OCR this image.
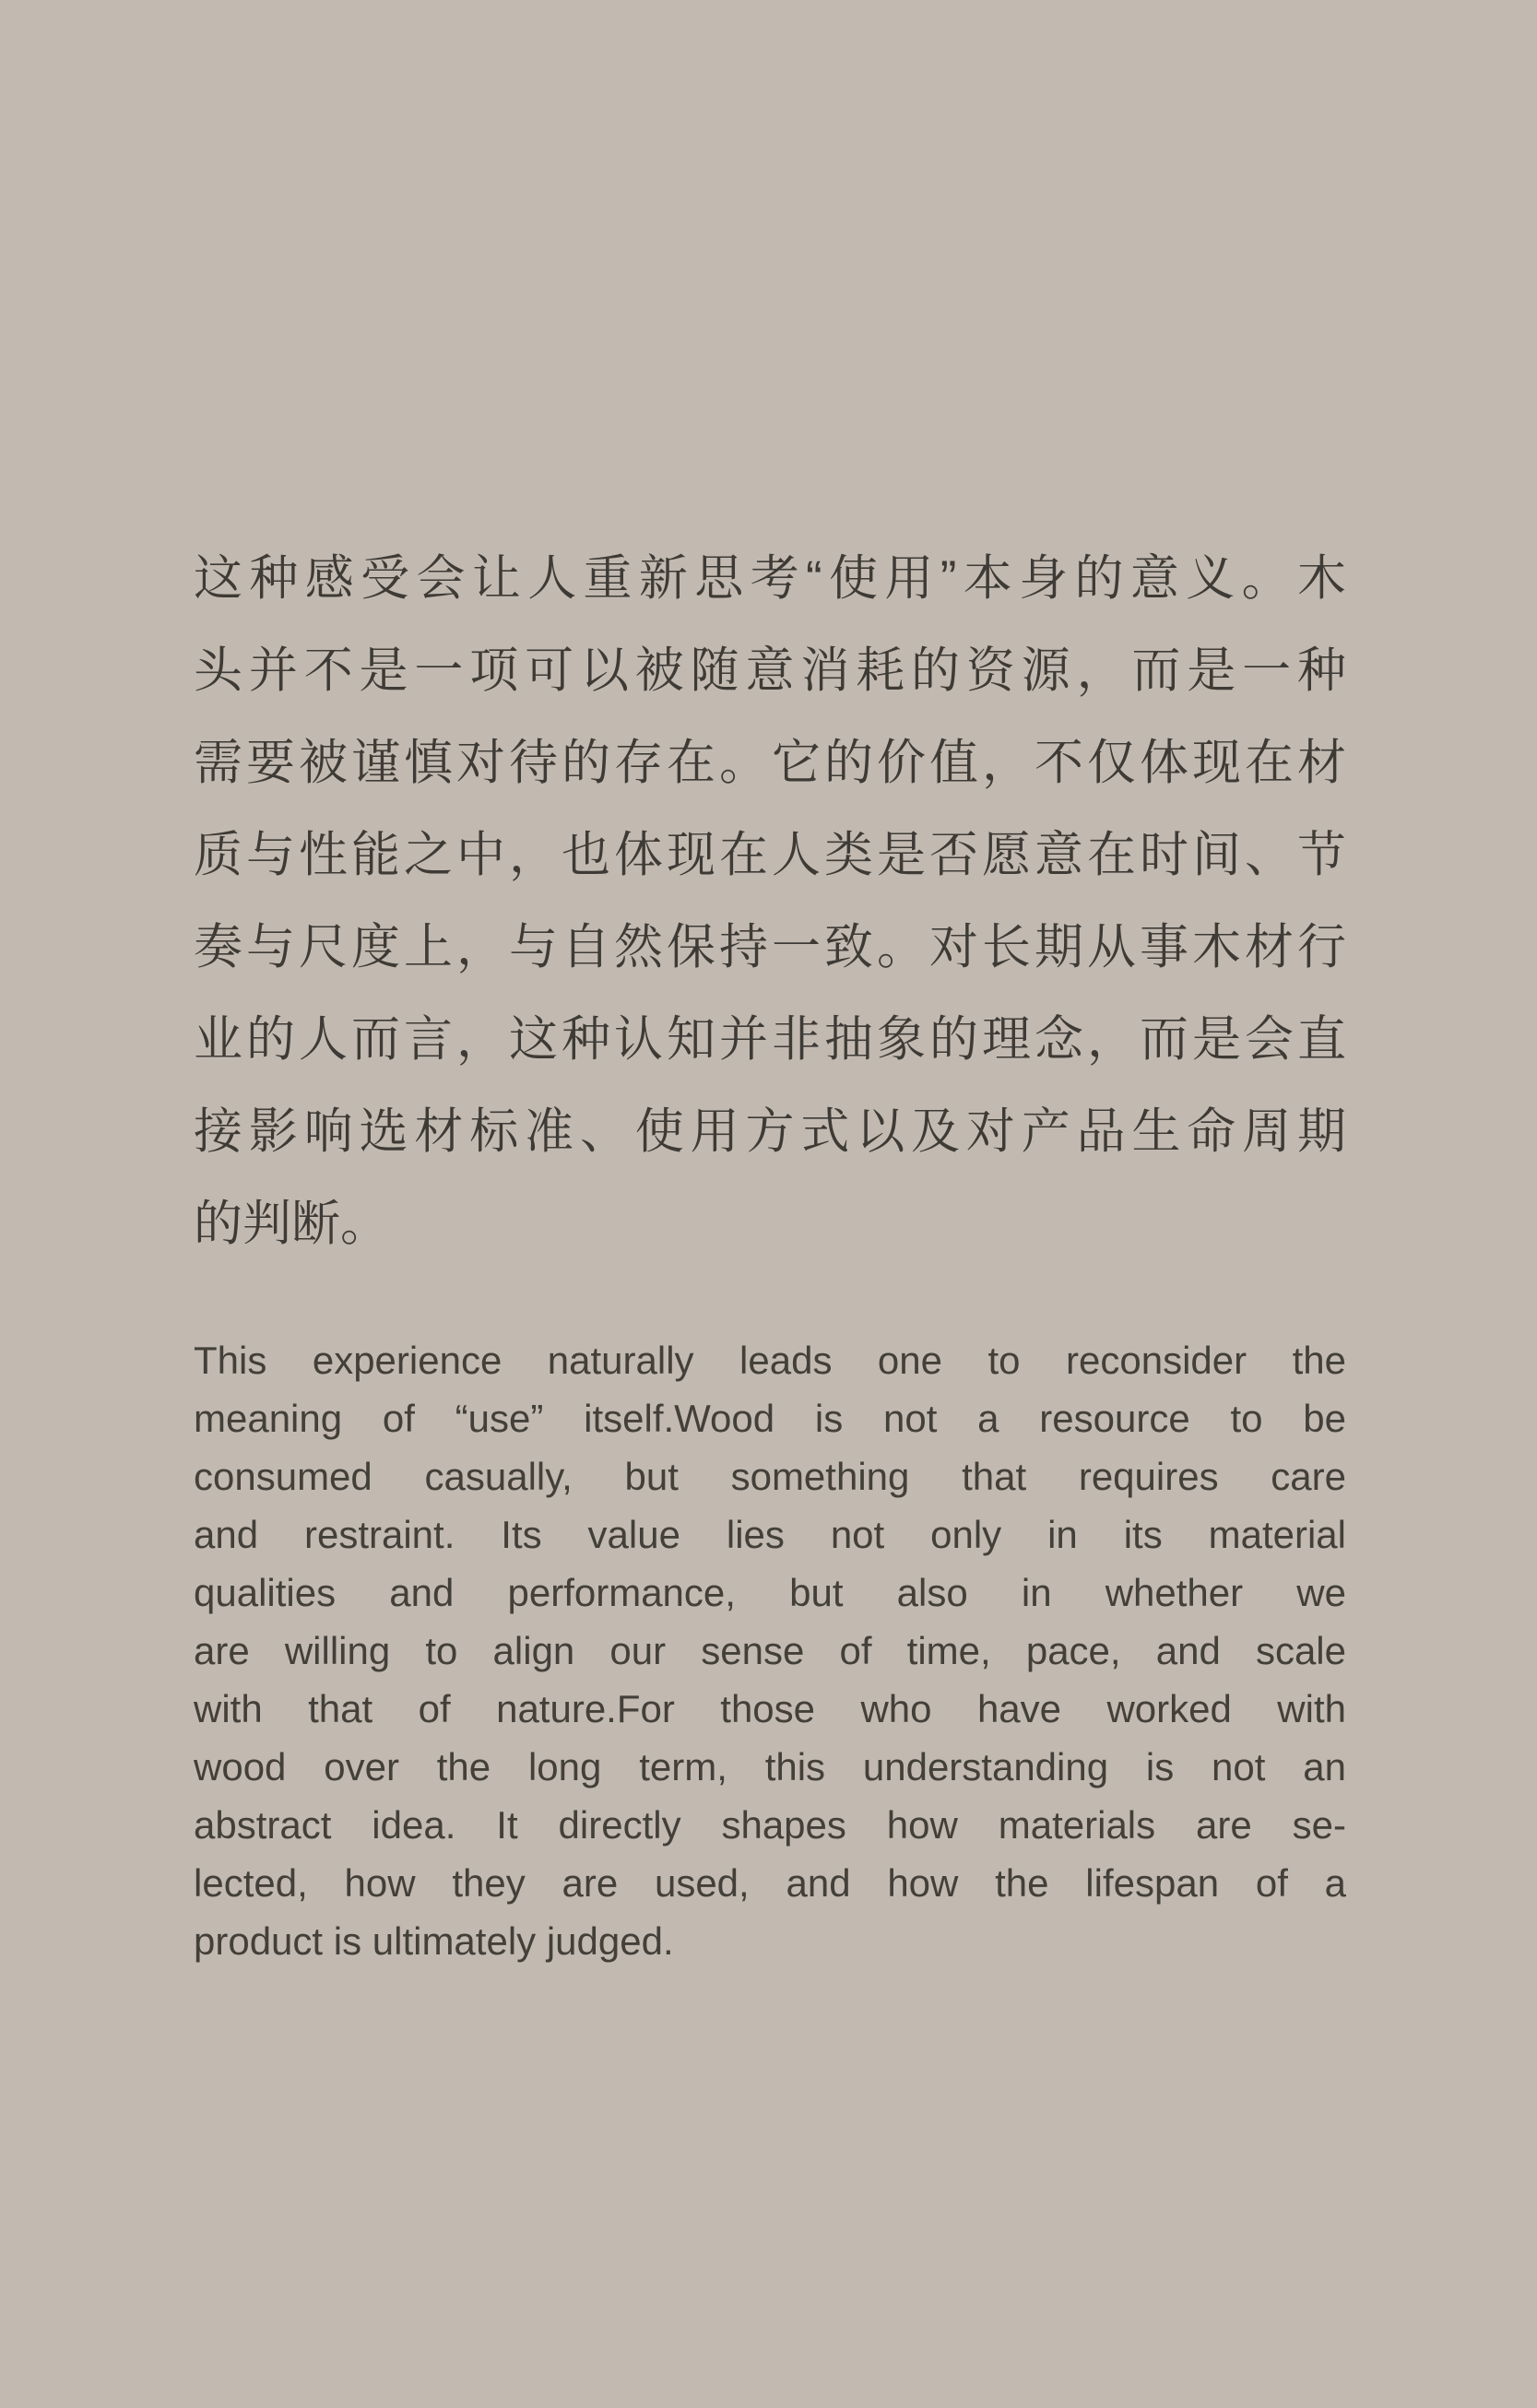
这种感受会让人重新思考“使用”本身的意义。木
头并不是一项可以被随意消耗的资源，而是一种
需要被谨慎对待的存在。它的价值，不仅体现在材
质与性能之中，也体现在人类是否愿意在时间、节
奏与尺度上，与自然保持一致。对长期从事木材行
业的人而言，这种认知并非抽象的理念，而是会直
接影响选材标准、使用方式以及对产品生命周期
的判断。
This experience naturally leads one to reconsider the
meaning of “use” itself.Wood is not a resource to be
consumed casually, but something that requires care
and restraint. Its value lies not only in its material
qualities and performance, but also in whether we
are willing to align our sense of time, pace, and scale
with that of nature.For those who have worked with
wood over the long term, this understanding is not an
abstract idea. It directly shapes how materials are se-
lected, how they are used, and how the lifespan of a
product is ultimately judged.
